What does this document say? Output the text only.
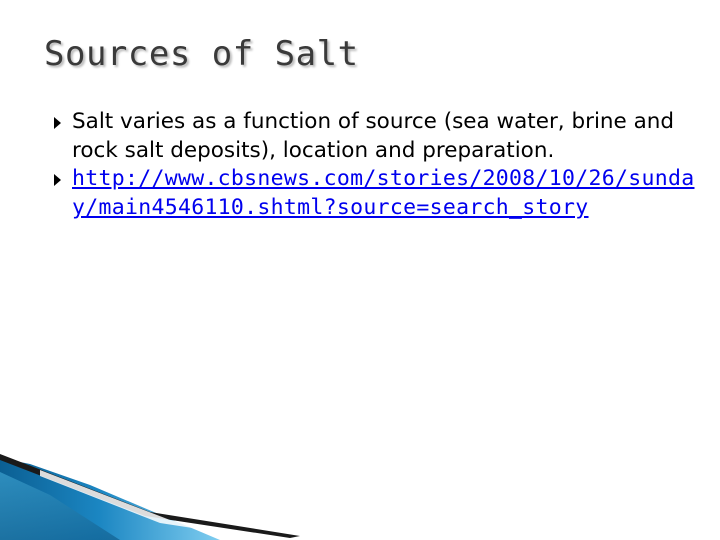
Sources of Salt
Salt varies as a function of source (sea water, brine and rock salt deposits), location and preparation.
http://www.cbsnews.com/stories/2008/10/26/sunday/main4546110.shtml?source=search_story
